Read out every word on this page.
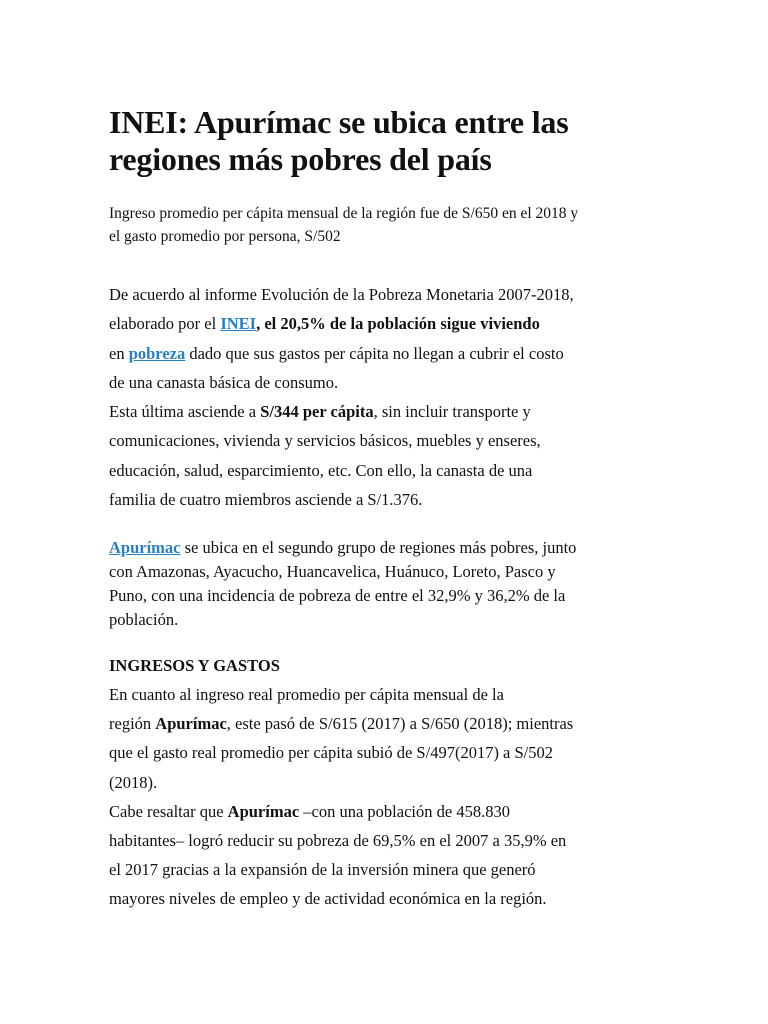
INEI: Apurímac se ubica entre las
regiones más pobres del país

Ingreso promedio per cápita mensual de la región fue de S/650 en el 2018 y
el gasto promedio por persona, S/502

De acuerdo al informe Evolución de la Pobreza Monetaria 2007-2018,
elaborado por el INEI, el 20,5% de la población sigue viviendo
en pobreza dado que sus gastos per cápita no llegan a cubrir el costo
de una canasta básica de consumo.
Esta última asciende a S/344 per cápita, sin incluir transporte y
comunicaciones, vivienda y servicios básicos, muebles y enseres,
educación, salud, esparcimiento, etc. Con ello, la canasta de una
familia de cuatro miembros asciende a S/1.376.

Apurímac se ubica en el segundo grupo de regiones más pobres, junto
con Amazonas, Ayacucho, Huancavelica, Huánuco, Loreto, Pasco y
Puno, con una incidencia de pobreza de entre el 32,9% y 36,2% de la
población.

INGRESOS Y GASTOS

En cuanto al ingreso real promedio per cápita mensual de la
región Apurímac, este pasó de S/615 (2017) a S/650 (2018); mientras
que el gasto real promedio per cápita subió de S/497(2017) a S/502
(2018).
Cabe resaltar que Apurímac –con una población de 458.830
habitantes– logró reducir su pobreza de 69,5% en el 2007 a 35,9% en
el 2017 gracias a la expansión de la inversión minera que generó
mayores niveles de empleo y de actividad económica en la región.
